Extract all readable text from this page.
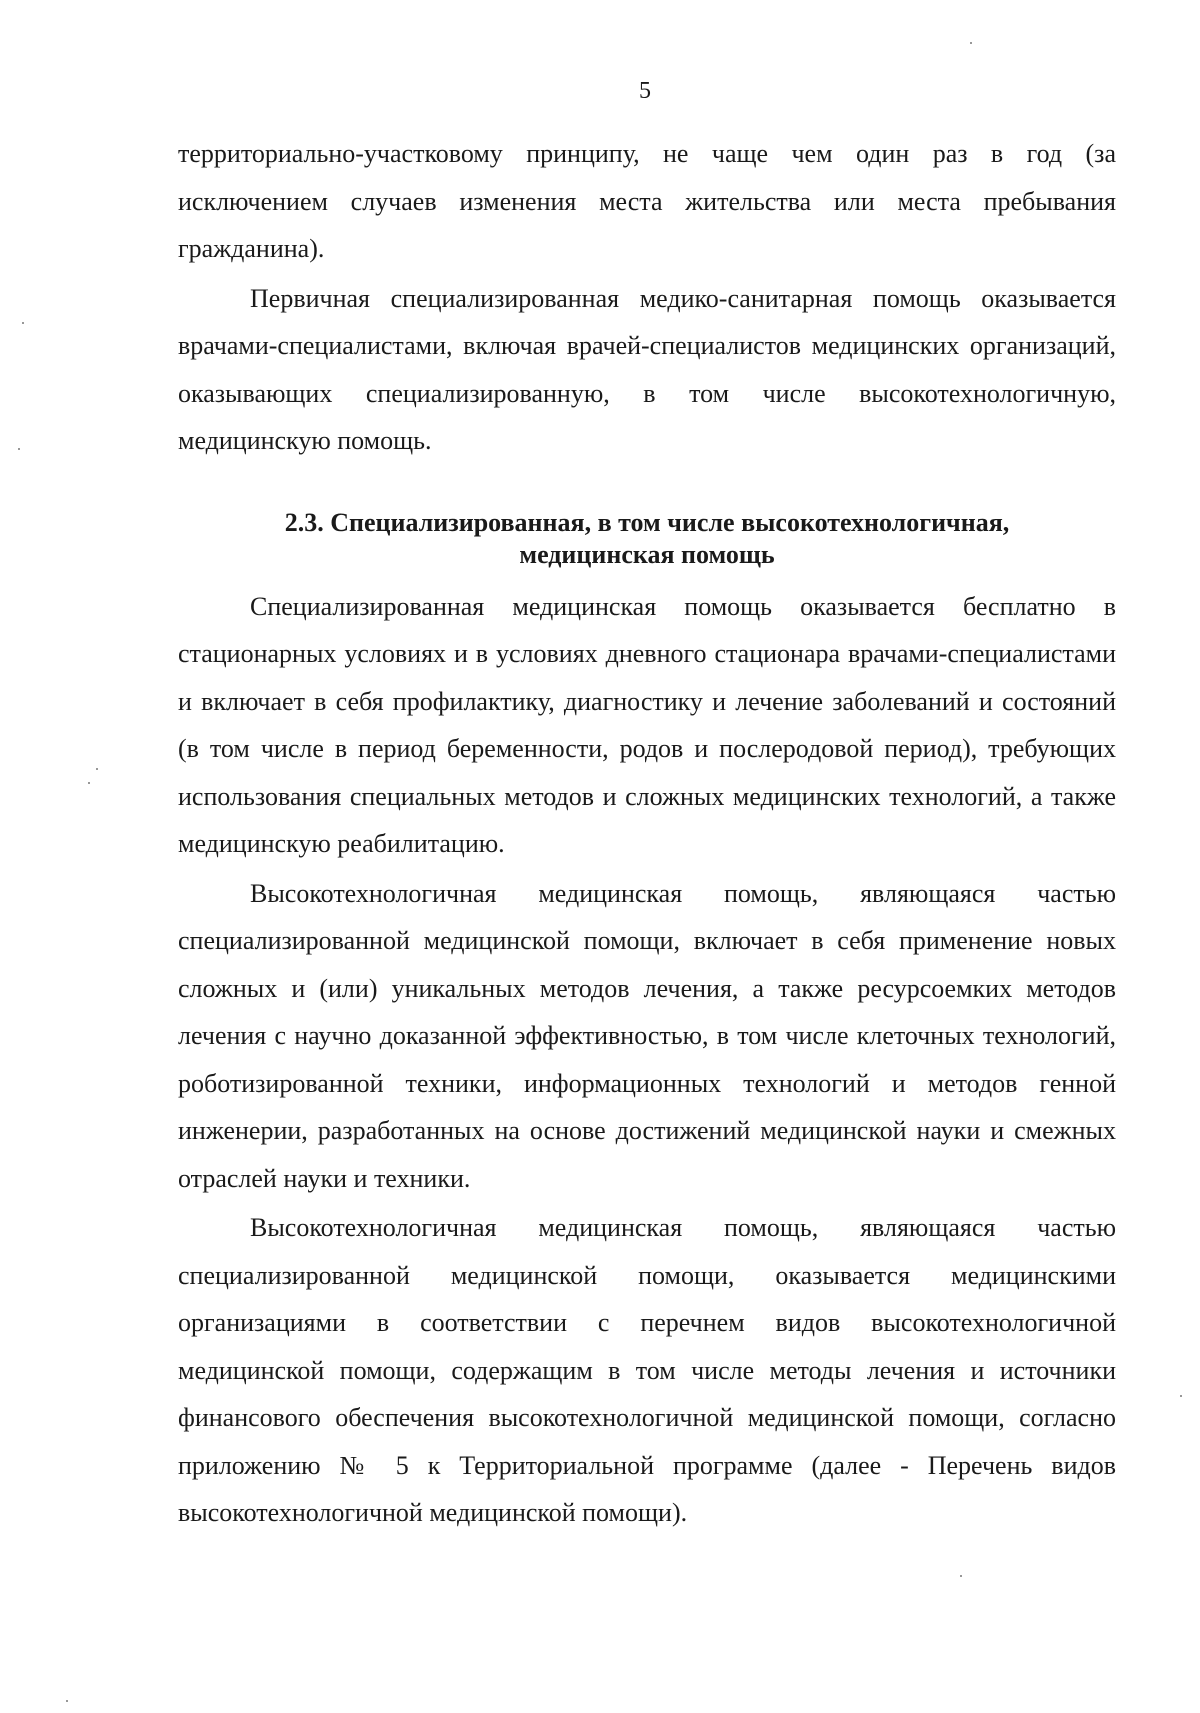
5

территориально-участковому принципу, не чаще чем один раз в год (за исключением случаев изменения места жительства или места пребывания гражданина).

Первичная специализированная медико-санитарная помощь оказывается врачами-специалистами, включая врачей-специалистов медицинских организаций, оказывающих специализированную, в том числе высокотехнологичную, медицинскую помощь.

2.3. Специализированная, в том числе высокотехнологичная,
медицинская помощь

Специализированная медицинская помощь оказывается бесплатно в стационарных условиях и в условиях дневного стационара врачами-специалистами и включает в себя профилактику, диагностику и лечение заболеваний и состояний (в том числе в период беременности, родов и послеродовой период), требующих использования специальных методов и сложных медицинских технологий, а также медицинскую реабилитацию.

Высокотехнологичная медицинская помощь, являющаяся частью специализированной медицинской помощи, включает в себя применение новых сложных и (или) уникальных методов лечения, а также ресурсоемких методов лечения с научно доказанной эффективностью, в том числе клеточных технологий, роботизированной техники, информационных технологий и методов генной инженерии, разработанных на основе достижений медицинской науки и смежных отраслей науки и техники.

Высокотехнологичная медицинская помощь, являющаяся частью специализированной медицинской помощи, оказывается медицинскими организациями в соответствии с перечнем видов высокотехнологичной медицинской помощи, содержащим в том числе методы лечения и источники финансового обеспечения высокотехнологичной медицинской помощи, согласно приложению № 5 к Территориальной программе (далее - Перечень видов высокотехнологичной медицинской помощи).
